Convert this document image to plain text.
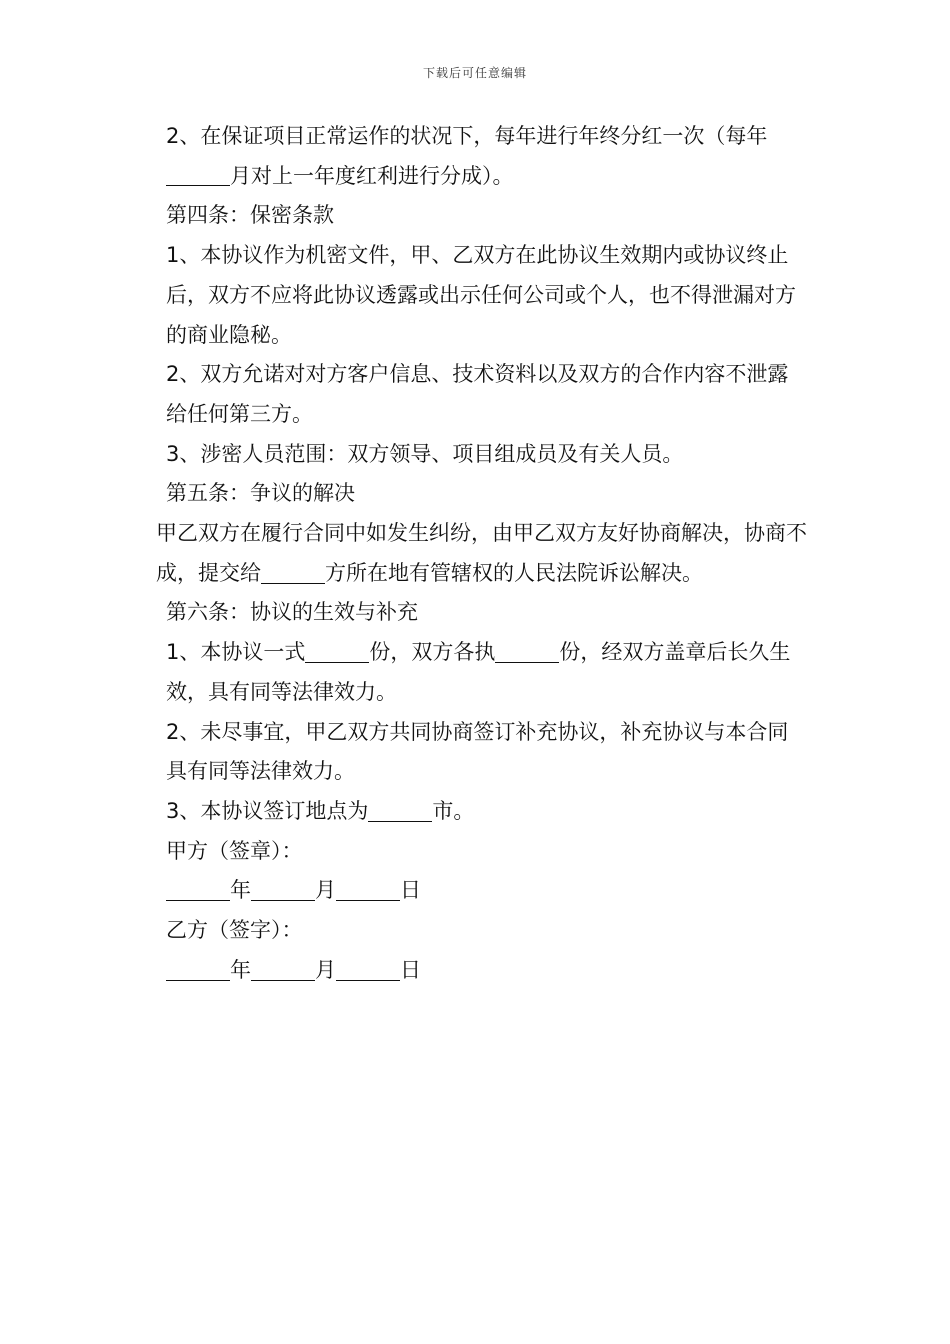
下载后可任意编辑

2、在保证项目正常运作的状况下，每年进行年终分红一次（每年月对上一年度红利进行分成）。

第四条：保密条款

1、本协议作为机密文件，甲、乙双方在此协议生效期内或协议终止后，双方不应将此协议透露或出示任何公司或个人，也不得泄漏对方的商业隐秘。

2、双方允诺对对方客户信息、技术资料以及双方的合作内容不泄露给任何第三方。

3、涉密人员范围：双方领导、项目组成员及有关人员。

第五条：争议的解决

甲乙双方在履行合同中如发生纠纷，由甲乙双方友好协商解决，协商不成，提交给	方所在地有管辖权的人民法院诉讼解决。

第六条：协议的生效与补充

1、本协议一式	份，双方各执	份，经双方盖章后长久生效，具有同等法律效力。

2、未尽事宜，甲乙双方共同协商签订补充协议，补充协议与本合同具有同等法律效力。

3、本协议签订地点为	市。

甲方（签章）：

年	月	日

乙方（签字）：

年	月	日
